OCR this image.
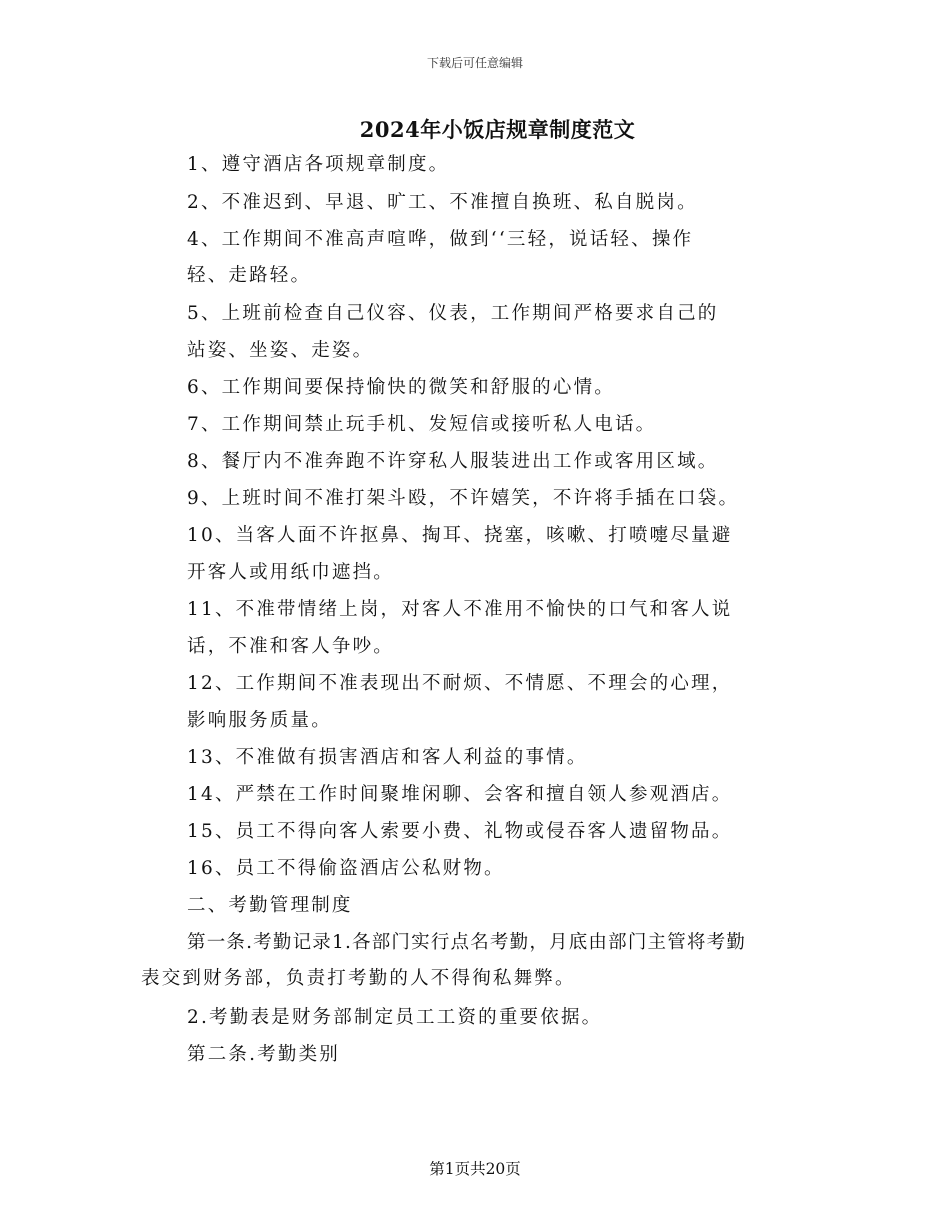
下载后可任意编辑
2024年小饭店规章制度范文
1、遵守酒店各项规章制度。
2、不准迟到、早退、旷工、不准擅自换班、私自脱岗。
4、工作期间不准高声喧哗，做到‘‘三轻，说话轻、操作
轻、走路轻。
5、上班前检查自己仪容、仪表，工作期间严格要求自己的
站姿、坐姿、走姿。
6、工作期间要保持愉快的微笑和舒服的心情。
7、工作期间禁止玩手机、发短信或接听私人电话。
8、餐厅内不准奔跑不许穿私人服装进出工作或客用区域。
9、上班时间不准打架斗殴，不许嬉笑，不许将手插在口袋。
10、当客人面不许抠鼻、掏耳、挠塞，咳嗽、打喷嚏尽量避
开客人或用纸巾遮挡。
11、不准带情绪上岗，对客人不准用不愉快的口气和客人说
话，不准和客人争吵。
12、工作期间不准表现出不耐烦、不情愿、不理会的心理，
影响服务质量。
13、不准做有损害酒店和客人利益的事情。
14、严禁在工作时间聚堆闲聊、会客和擅自领人参观酒店。
15、员工不得向客人索要小费、礼物或侵吞客人遗留物品。
16、员工不得偷盗酒店公私财物。
二、考勤管理制度
第一条.考勤记录1.各部门实行点名考勤，月底由部门主管将考勤
表交到财务部，负责打考勤的人不得徇私舞弊。
2.考勤表是财务部制定员工工资的重要依据。
第二条.考勤类别
第1页共20页
